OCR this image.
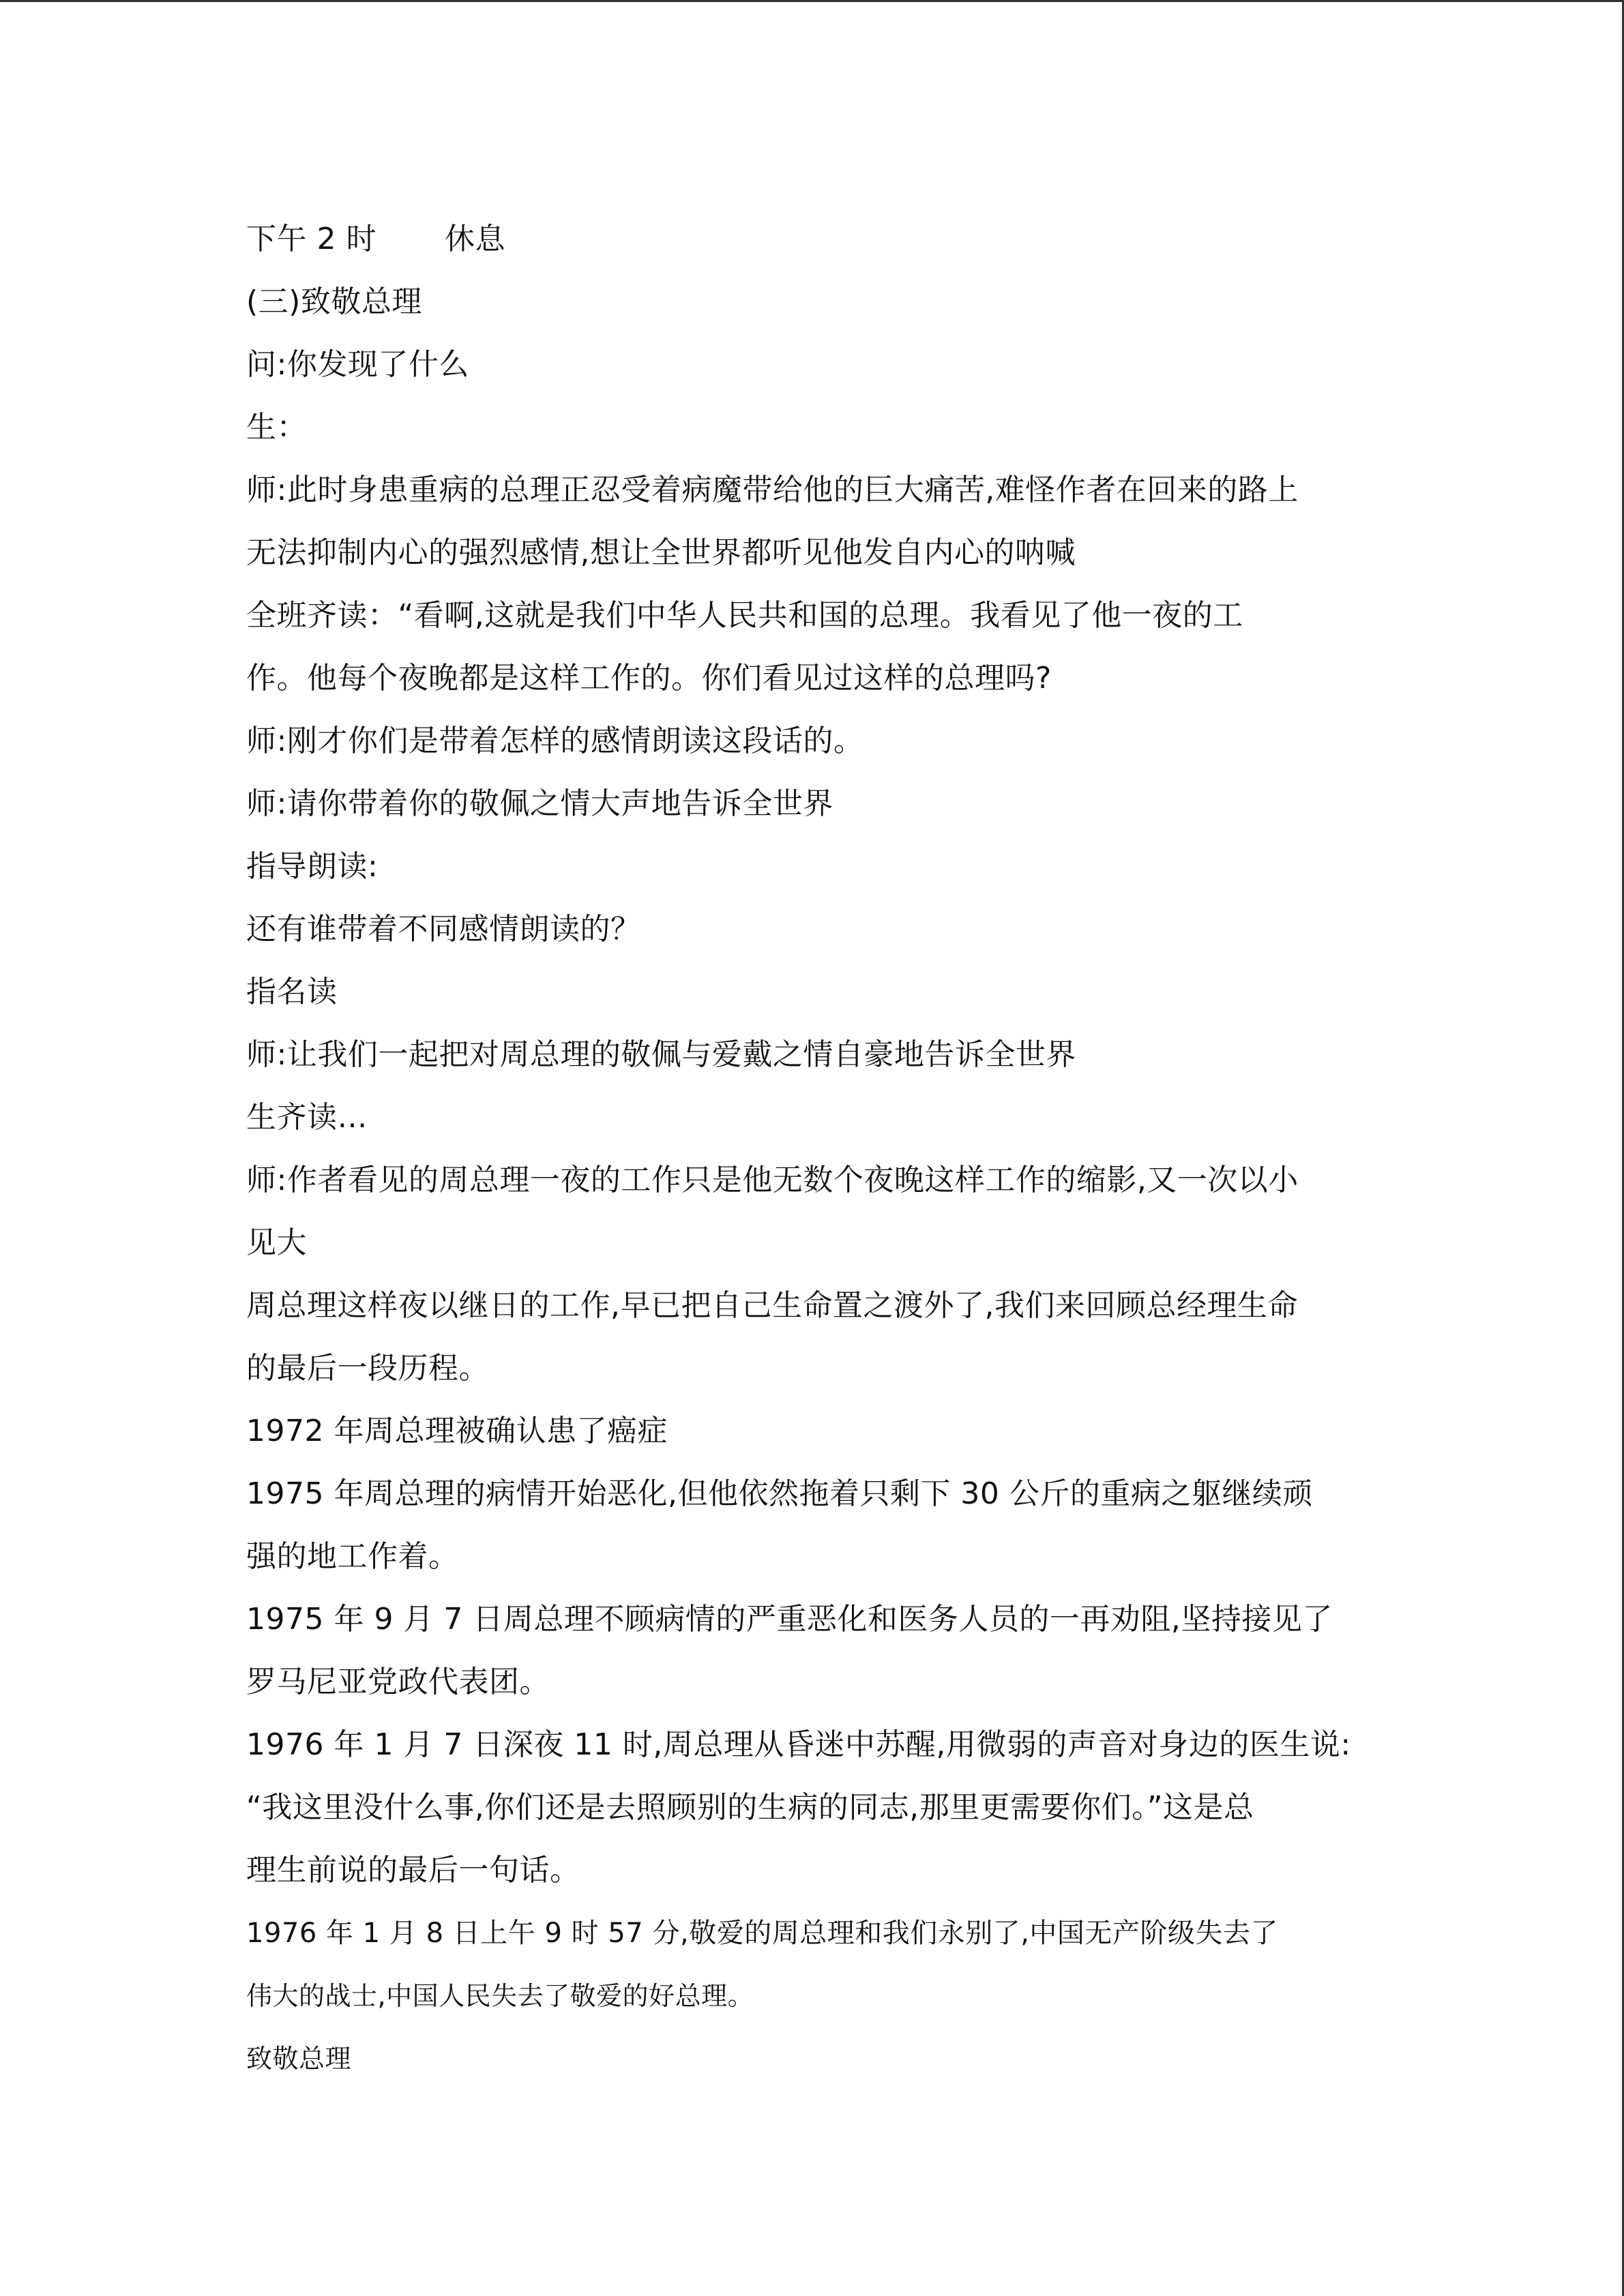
下午 2 时 休息
(三)致敬总理
问:你发现了什么
生：
师:此时身患重病的总理正忍受着病魔带给他的巨大痛苦,难怪作者在回来的路上
无法抑制内心的强烈感情,想让全世界都听见他发自内心的呐喊
全班齐读：“看啊,这就是我们中华人民共和国的总理。我看见了他一夜的工
作。他每个夜晚都是这样工作的。你们看见过这样的总理吗?
师:刚才你们是带着怎样的感情朗读这段话的。
师:请你带着你的敬佩之情大声地告诉全世界
指导朗读:
还有谁带着不同感情朗读的？
指名读
师:让我们一起把对周总理的敬佩与爱戴之情自豪地告诉全世界
生齐读…
师:作者看见的周总理一夜的工作只是他无数个夜晚这样工作的缩影,又一次以小
见大
周总理这样夜以继日的工作,早已把自己生命置之渡外了,我们来回顾总经理生命
的最后一段历程。
1972 年周总理被确认患了癌症
1975 年周总理的病情开始恶化,但他依然拖着只剩下 30 公斤的重病之躯继续顽
强的地工作着。
1975 年 9 月 7 日周总理不顾病情的严重恶化和医务人员的一再劝阻,坚持接见了
罗马尼亚党政代表团。
1976 年 1 月 7 日深夜 11 时,周总理从昏迷中苏醒,用微弱的声音对身边的医生说:
“我这里没什么事,你们还是去照顾别的生病的同志,那里更需要你们。”这是总
理生前说的最后一句话。
1976 年 1 月 8 日上午 9 时 57 分,敬爱的周总理和我们永别了,中国无产阶级失去了
伟大的战士,中国人民失去了敬爱的好总理。
致敬总理
